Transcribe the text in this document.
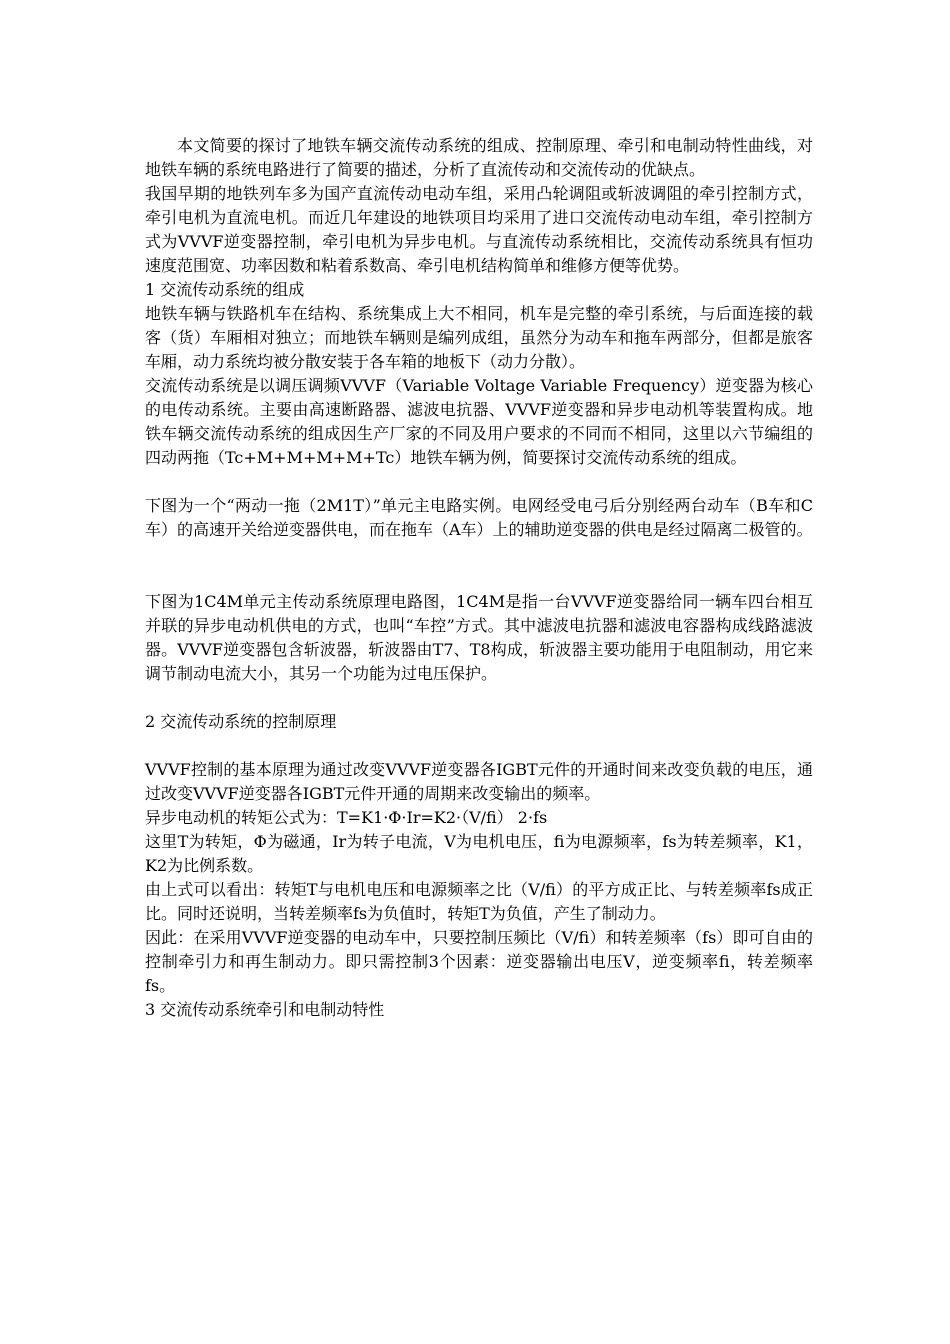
本文简要的探讨了地铁车辆交流传动系统的组成、控制原理、牵引和电制动特性曲线，对地铁车辆的系统电路进行了简要的描述，分析了直流传动和交流传动的优缺点。

我国早期的地铁列车多为国产直流传动电动车组，采用凸轮调阻或斩波调阻的牵引控制方式，牵引电机为直流电机。而近几年建设的地铁项目均采用了进口交流传动电动车组，牵引控制方式为VVVF逆变器控制，牵引电机为异步电机。与直流传动系统相比，交流传动系统具有恒功速度范围宽、功率因数和粘着系数高、牵引电机结构简单和维修方便等优势。

1 交流传动系统的组成

地铁车辆与铁路机车在结构、系统集成上大不相同，机车是完整的牵引系统，与后面连接的载客（货）车厢相对独立；而地铁车辆则是编列成组，虽然分为动车和拖车两部分，但都是旅客车厢，动力系统均被分散安装于各车箱的地板下（动力分散）。

交流传动系统是以调压调频VVVF（Variable Voltage Variable Frequency）逆变器为核心的电传动系统。主要由高速断路器、滤波电抗器、VVVF逆变器和异步电动机等装置构成。地铁车辆交流传动系统的组成因生产厂家的不同及用户要求的不同而不相同，这里以六节编组的四动两拖（Tc+M+M+M+M+Tc）地铁车辆为例，简要探讨交流传动系统的组成。

下图为一个“两动一拖（2M1T）”单元主电路实例。电网经受电弓后分别经两台动车（B车和C车）的高速开关给逆变器供电，而在拖车（A车）上的辅助逆变器的供电是经过隔离二极管的。

下图为1C4M单元主传动系统原理电路图，1C4M是指一台VVVF逆变器给同一辆车四台相互并联的异步电动机供电的方式，也叫“车控”方式。其中滤波电抗器和滤波电容器构成线路滤波器。VVVF逆变器包含斩波器，斩波器由T7、T8构成，斩波器主要功能用于电阻制动，用它来调节制动电流大小，其另一个功能为过电压保护。

2 交流传动系统的控制原理

VVVF控制的基本原理为通过改变VVVF逆变器各IGBT元件的开通时间来改变负载的电压，通过改变VVVF逆变器各IGBT元件开通的周期来改变输出的频率。

异步电动机的转矩公式为：T=K1·Φ·Ir=K2·（V/fi） 2·fs

这里T为转矩，Φ为磁通，Ir为转子电流，V为电机电压，fi为电源频率，fs为转差频率，K1，K2为比例系数。

由上式可以看出：转矩T与电机电压和电源频率之比（V/fi）的平方成正比、与转差频率fs成正比。同时还说明，当转差频率fs为负值时，转矩T为负值，产生了制动力。

因此：在采用VVVF逆变器的电动车中，只要控制压频比（V/fi）和转差频率（fs）即可自由的控制牵引力和再生制动力。即只需控制3个因素：逆变器输出电压V，逆变频率fi，转差频率fs。

3 交流传动系统牵引和电制动特性
